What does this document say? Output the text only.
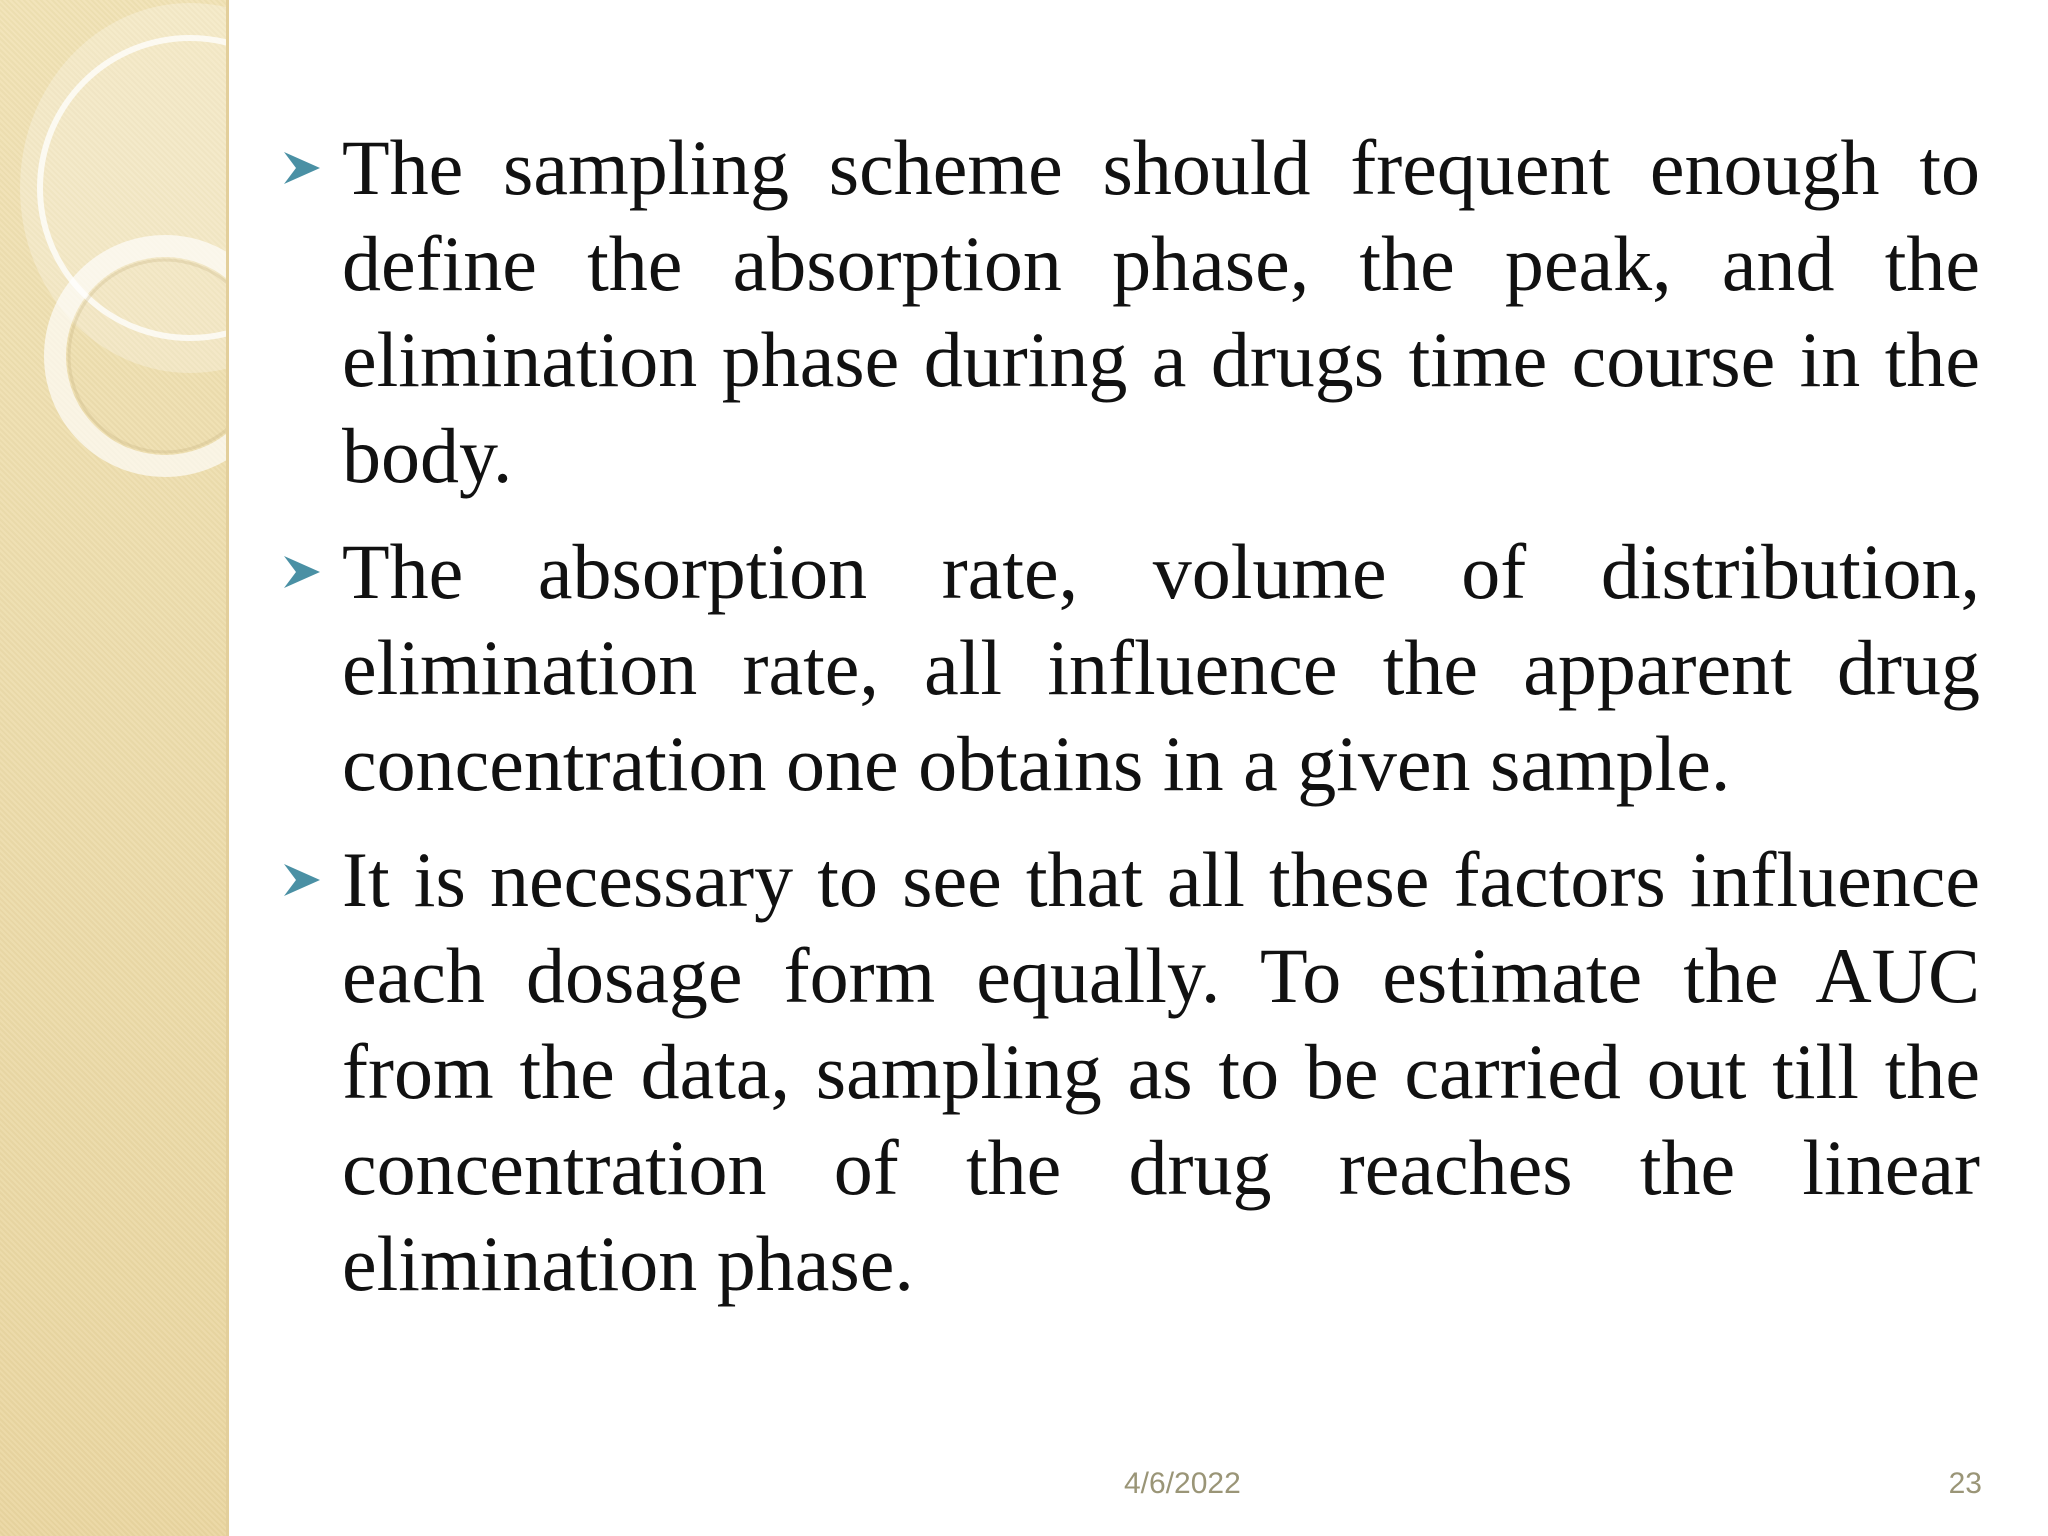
The sampling scheme should frequent enough to define the absorption phase, the peak, and the elimination phase during a drugs time course in the body.

The absorption rate, volume of distribution, elimination rate, all influence the apparent drug concentration one obtains in a given sample.

It is necessary to see that all these factors influence each dosage form equally. To estimate the AUC from the data, sampling as to be carried out till the concentration of the drug reaches the linear elimination phase.

4/6/2022	23
